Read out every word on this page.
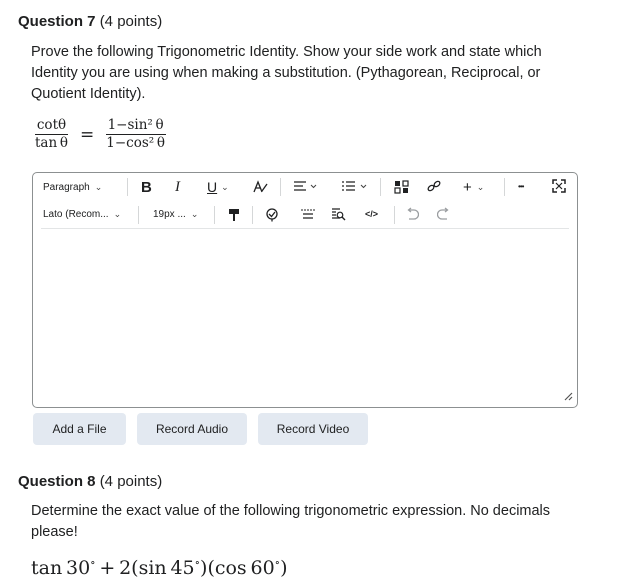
Question 7 (4 points)
Prove the following Trigonometric Identity. Show your side work and state which Identity you are using when making a substitution. (Pythagorean, Reciprocal, or Quotient Identity).
$\frac{\cot\theta}{\text{tan θ}} = \frac{\text{1−sin² θ}}{\text{1−cos² θ}}$
Paragraph ⌄	B I U ⌄	+ ⌄	•••
Lato (Recom... ⌄	19px ... ⌄	</>
Add a File	Record Audio	Record Video
Question 8 (4 points)
Determine the exact value of the following trigonometric expression. No decimals please!
tan 30∘ + 2(sin 45∘)(cos 60∘)
